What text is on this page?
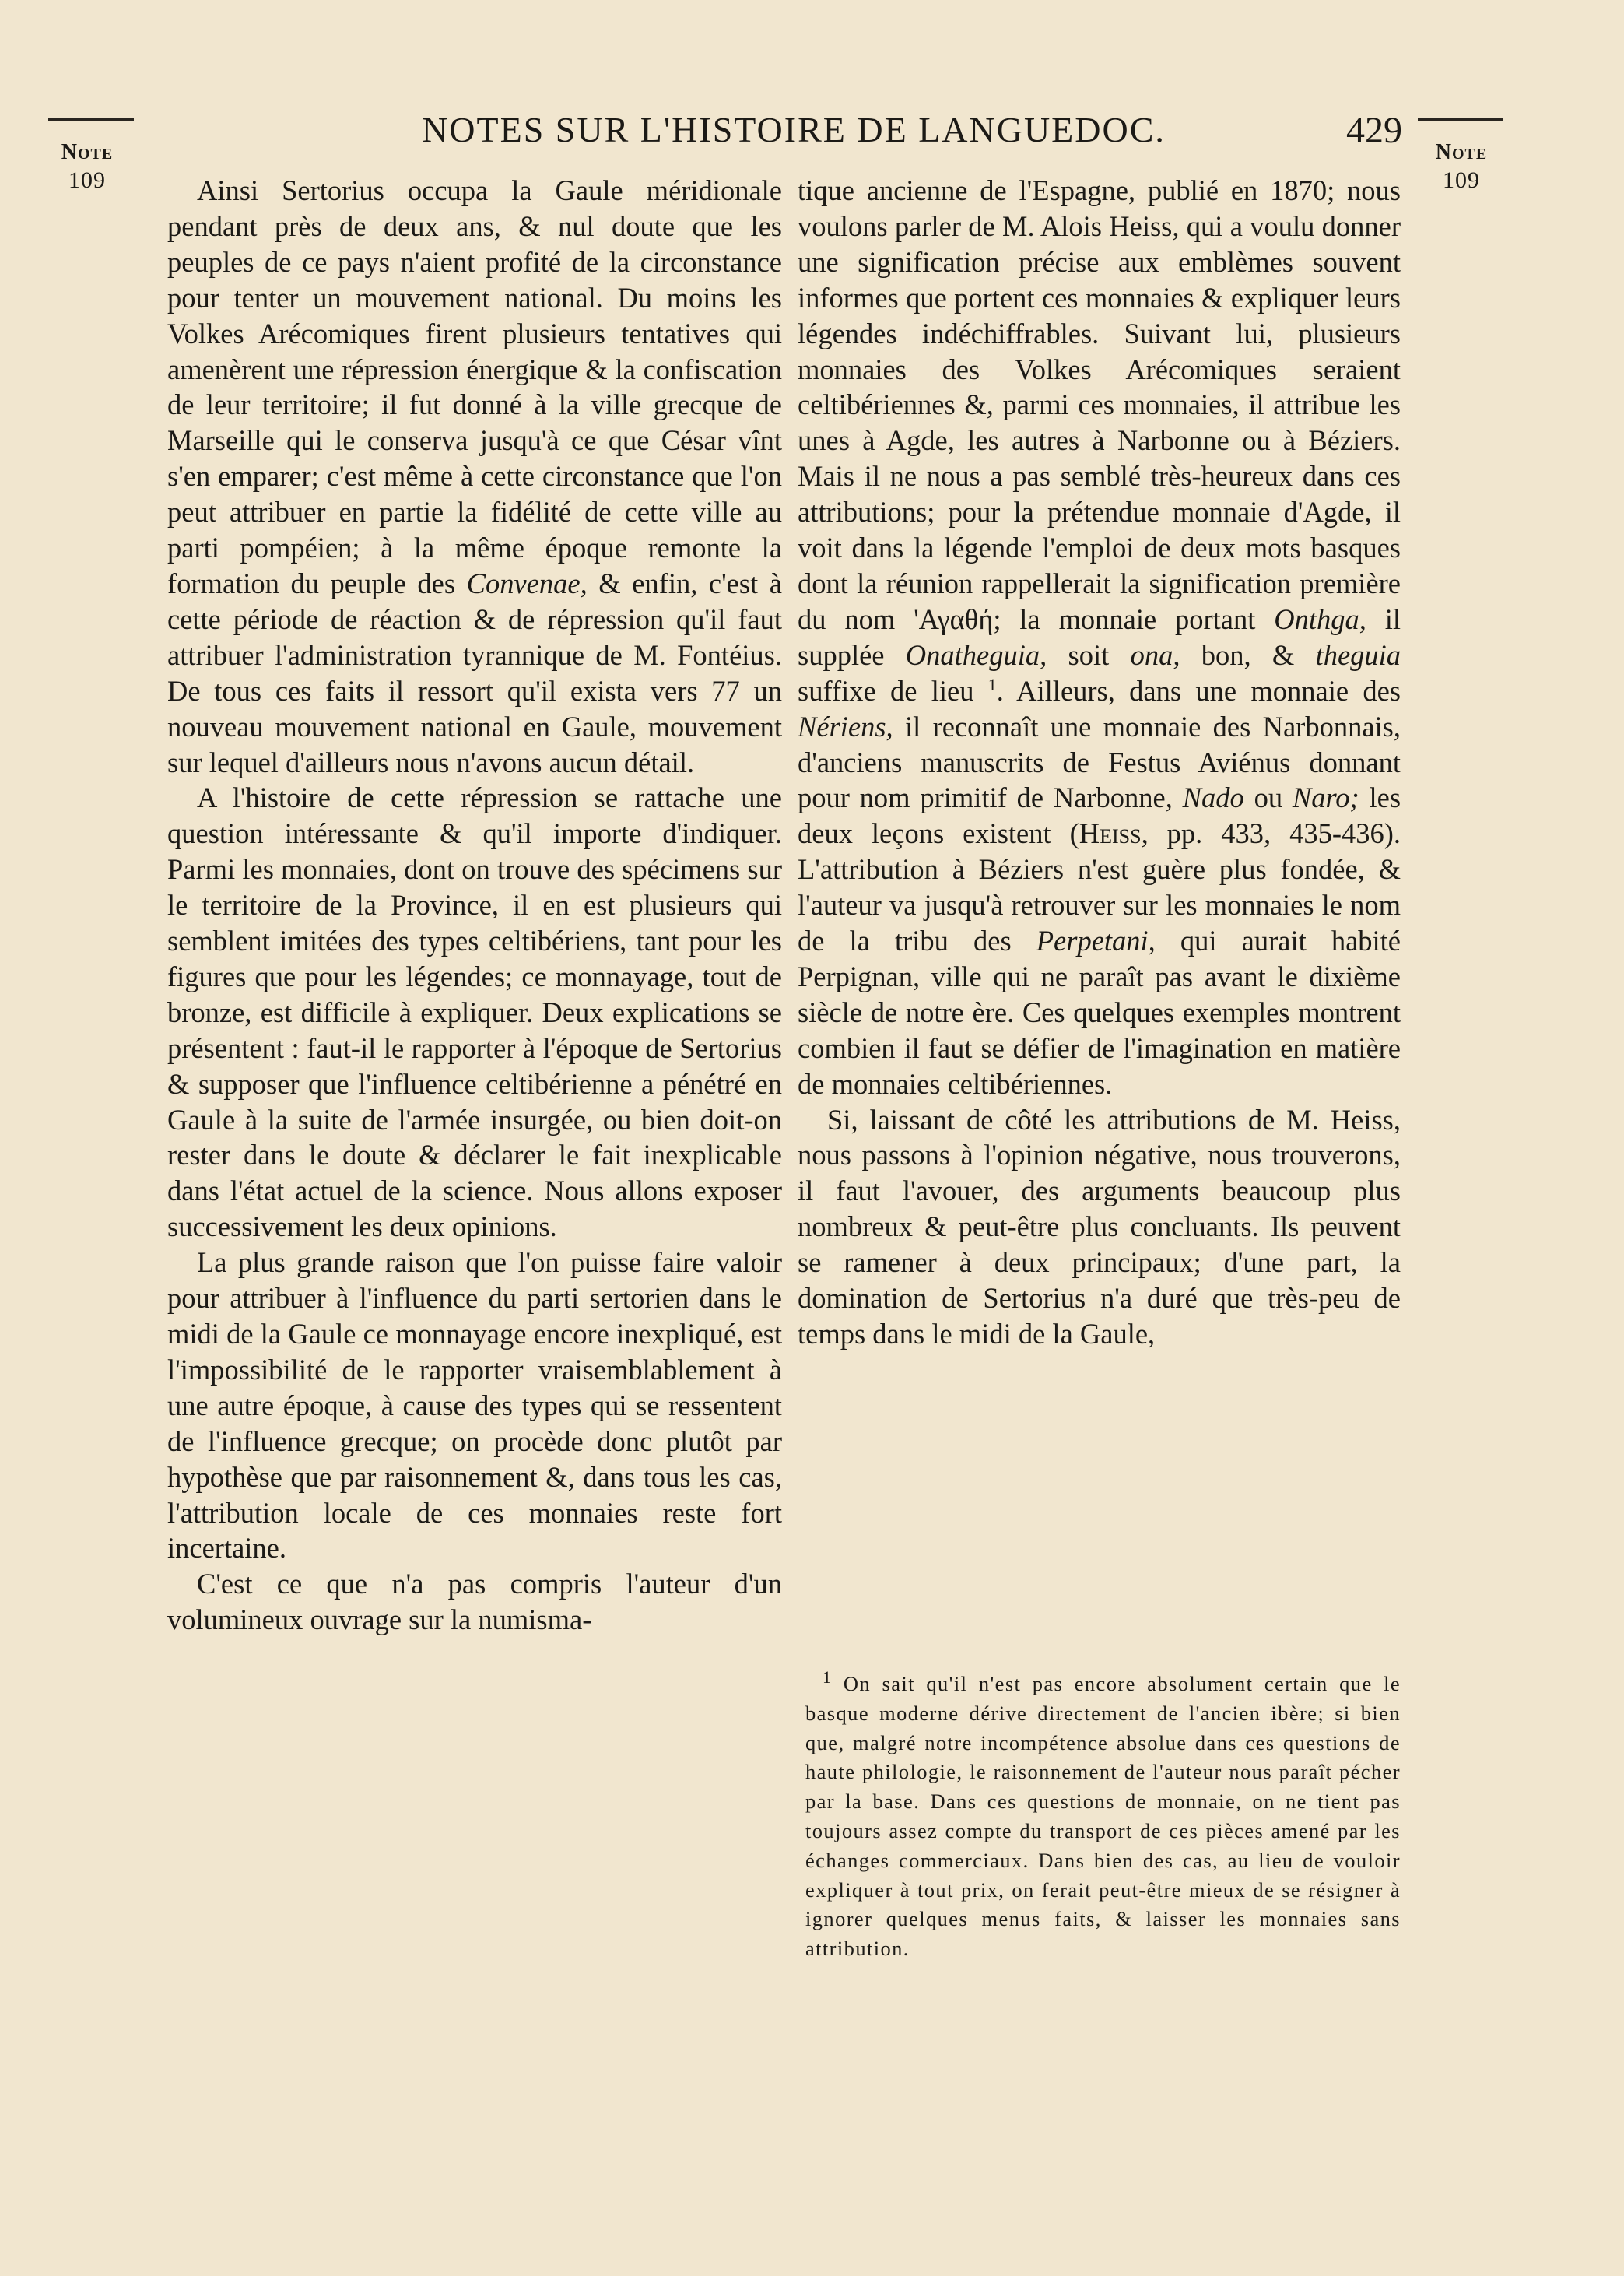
Note
109
Note
109
NOTES SUR L'HISTOIRE DE LANGUEDOC.	429

Ainsi Sertorius occupa la Gaule méridionale pendant près de deux ans, & nul doute que les peuples de ce pays n'aient profité de la circonstance pour tenter un mouvement national. Du moins les Volkes Arécomiques firent plusieurs tentatives qui amenèrent une répression énergique & la confiscation de leur territoire; il fut donné à la ville grecque de Marseille qui le conserva jusqu'à ce que César vînt s'en emparer; c'est même à cette circonstance que l'on peut attribuer en partie la fidélité de cette ville au parti pompéien; à la même époque remonte la formation du peuple des Convenae, & enfin, c'est à cette période de réaction & de répression qu'il faut attribuer l'administration tyrannique de M. Fontéius. De tous ces faits il ressort qu'il exista vers 77 un nouveau mouvement national en Gaule, mouvement sur lequel d'ailleurs nous n'avons aucun détail.

A l'histoire de cette répression se rattache une question intéressante & qu'il importe d'indiquer. Parmi les monnaies, dont on trouve des spécimens sur le territoire de la Province, il en est plusieurs qui semblent imitées des types celtibériens, tant pour les figures que pour les légendes; ce monnayage, tout de bronze, est difficile à expliquer. Deux explications se présentent : faut-il le rapporter à l'époque de Sertorius & supposer que l'influence celtibérienne a pénétré en Gaule à la suite de l'armée insurgée, ou bien doit-on rester dans le doute & déclarer le fait inexplicable dans l'état actuel de la science. Nous allons exposer successivement les deux opinions.

La plus grande raison que l'on puisse faire valoir pour attribuer à l'influence du parti sertorien dans le midi de la Gaule ce monnayage encore inexpliqué, est l'impossibilité de le rapporter vraisemblablement à une autre époque, à cause des types qui se ressentent de l'influence grecque; on procède donc plutôt par hypothèse que par raisonnement &, dans tous les cas, l'attribution locale de ces monnaies reste fort incertaine.

C'est ce que n'a pas compris l'auteur d'un volumineux ouvrage sur la numisma-

tique ancienne de l'Espagne, publié en 1870; nous voulons parler de M. Alois Heiss, qui a voulu donner une signification précise aux emblèmes souvent informes que portent ces monnaies & expliquer leurs légendes indéchiffrables. Suivant lui, plusieurs monnaies des Volkes Arécomiques seraient celtibériennes &, parmi ces monnaies, il attribue les unes à Agde, les autres à Narbonne ou à Béziers. Mais il ne nous a pas semblé très-heureux dans ces attributions; pour la prétendue monnaie d'Agde, il voit dans la légende l'emploi de deux mots basques dont la réunion rappellerait la signification première du nom 'Αγαθή; la monnaie portant Onthga, il supplée Onatheguia, soit ona, bon, & theguia suffixe de lieu $^1$. Ailleurs, dans une monnaie des Nériens, il reconnaît une monnaie des Narbonnais, d'anciens manuscrits de Festus Aviénus donnant pour nom primitif de Narbonne, Nado ou Naro; les deux leçons existent (Heiss, pp. 433, 435-436). L'attribution à Béziers n'est guère plus fondée, & l'auteur va jusqu'à retrouver sur les monnaies le nom de la tribu des Perpetani, qui aurait habité Perpignan, ville qui ne paraît pas avant le dixième siècle de notre ère. Ces quelques exemples montrent combien il faut se défier de l'imagination en matière de monnaies celtibériennes.

Si, laissant de côté les attributions de M. Heiss, nous passons à l'opinion négative, nous trouverons, il faut l'avouer, des arguments beaucoup plus nombreux & peut-être plus concluants. Ils peuvent se ramener à deux principaux; d'une part, la domination de Sertorius n'a duré que très-peu de temps dans le midi de la Gaule,

$^1$ On sait qu'il n'est pas encore absolument certain que le basque moderne dérive directement de l'ancien ibère; si bien que, malgré notre incompétence absolue dans ces questions de haute philologie, le raisonnement de l'auteur nous paraît pécher par la base. Dans ces questions de monnaie, on ne tient pas toujours assez compte du transport de ces pièces amené par les échanges commerciaux. Dans bien des cas, au lieu de vouloir expliquer à tout prix, on ferait peut-être mieux de se résigner à ignorer quelques menus faits, & laisser les monnaies sans attribution.
